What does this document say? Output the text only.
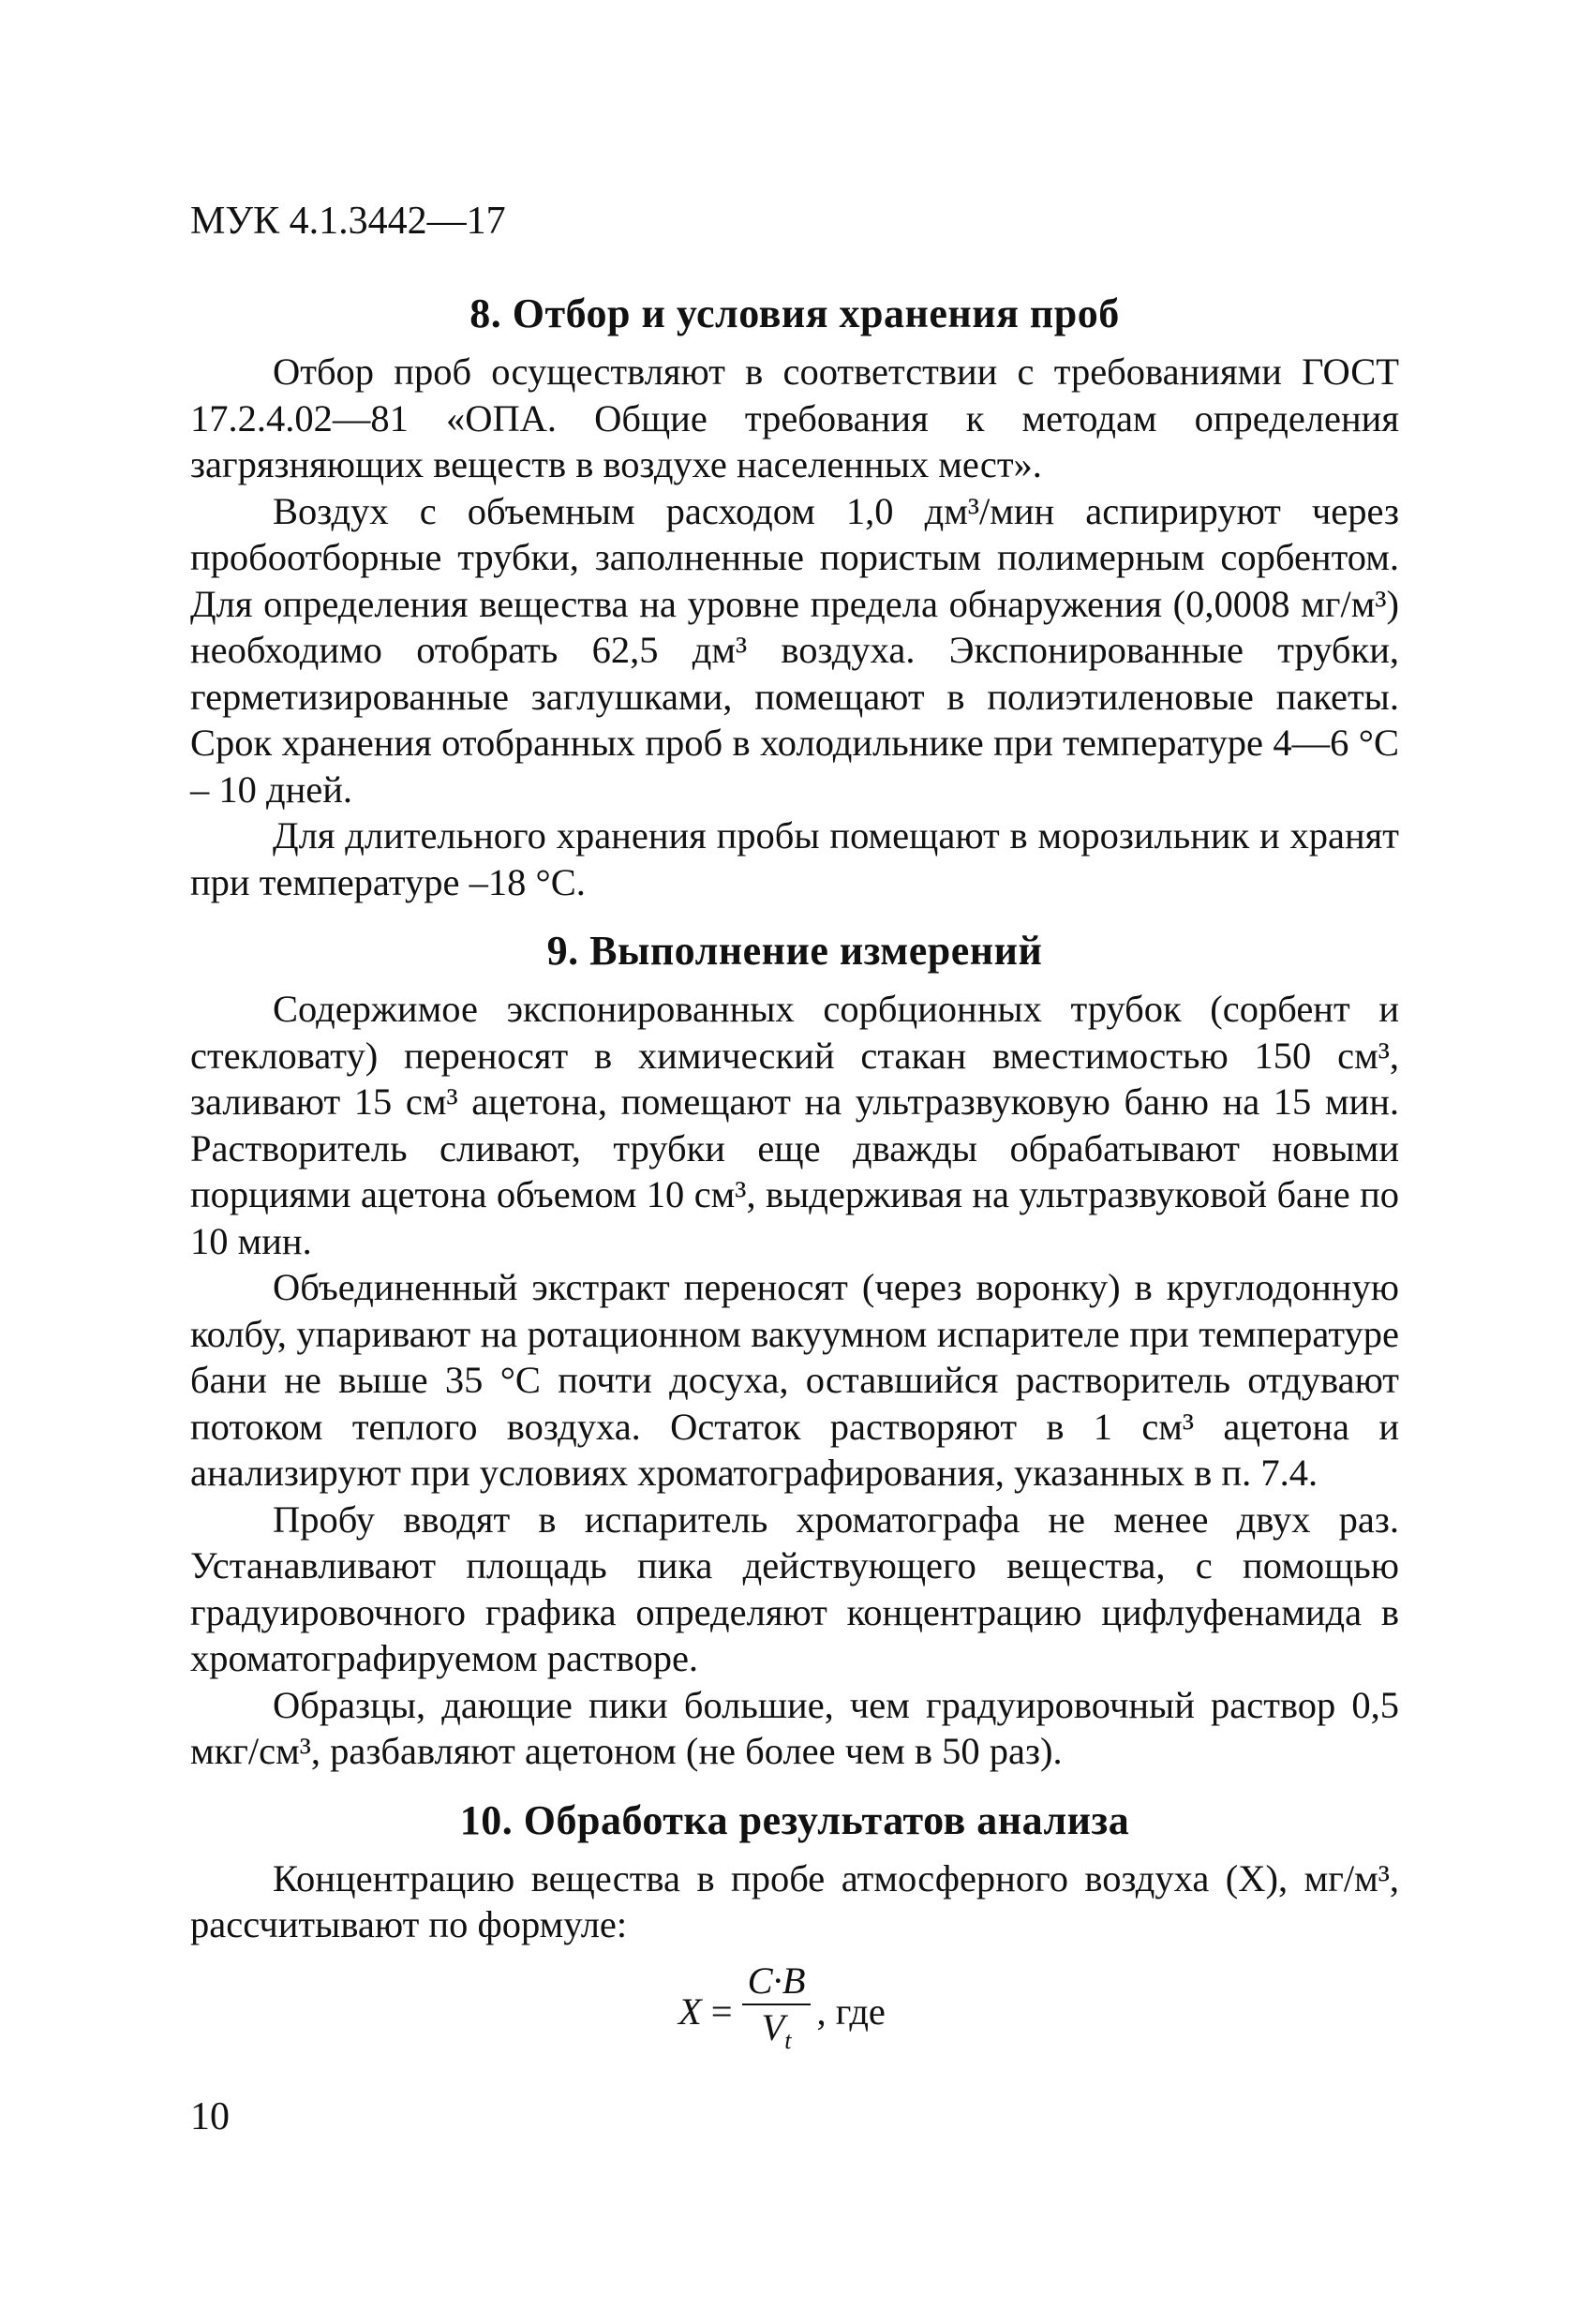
МУК 4.1.3442—17
8. Отбор и условия хранения проб

Отбор проб осуществляют в соответствии с требованиями ГОСТ 17.2.4.02—81 «ОПА. Общие требования к методам определения загрязняющих веществ в воздухе населенных мест».

Воздух с объемным расходом 1,0 дм³/мин аспирируют через пробоотборные трубки, заполненные пористым полимерным сорбентом. Для определения вещества на уровне предела обнаружения (0,0008 мг/м³) необходимо отобрать 62,5 дм³ воздуха. Экспонированные трубки, герметизированные заглушками, помещают в полиэтиленовые пакеты. Срок хранения отобранных проб в холодильнике при температуре 4—6 °С – 10 дней.

Для длительного хранения пробы помещают в морозильник и хранят при температуре –18 °С.

9. Выполнение измерений

Содержимое экспонированных сорбционных трубок (сорбент и стекловату) переносят в химический стакан вместимостью 150 см³, заливают 15 см³ ацетона, помещают на ультразвуковую баню на 15 мин. Растворитель сливают, трубки еще дважды обрабатывают новыми порциями ацетона объемом 10 см³, выдерживая на ультразвуковой бане по 10 мин.

Объединенный экстракт переносят (через воронку) в круглодонную колбу, упаривают на ротационном вакуумном испарителе при температуре бани не выше 35 °С почти досуха, оставшийся растворитель отдувают потоком теплого воздуха. Остаток растворяют в 1 см³ ацетона и анализируют при условиях хроматографирования, указанных в п. 7.4.

Пробу вводят в испаритель хроматографа не менее двух раз. Устанавливают площадь пика действующего вещества, с помощью градуировочного графика определяют концентрацию цифлуфенамида в хроматографируемом растворе.

Образцы, дающие пики большие, чем градуировочный раствор 0,5 мкг/см³, разбавляют ацетоном (не более чем в 50 раз).

10. Обработка результатов анализа

Концентрацию вещества в пробе атмосферного воздуха (X), мг/м³, рассчитывают по формуле:

$X = \frac{C\cdot B}{V_t}$ , где
10
